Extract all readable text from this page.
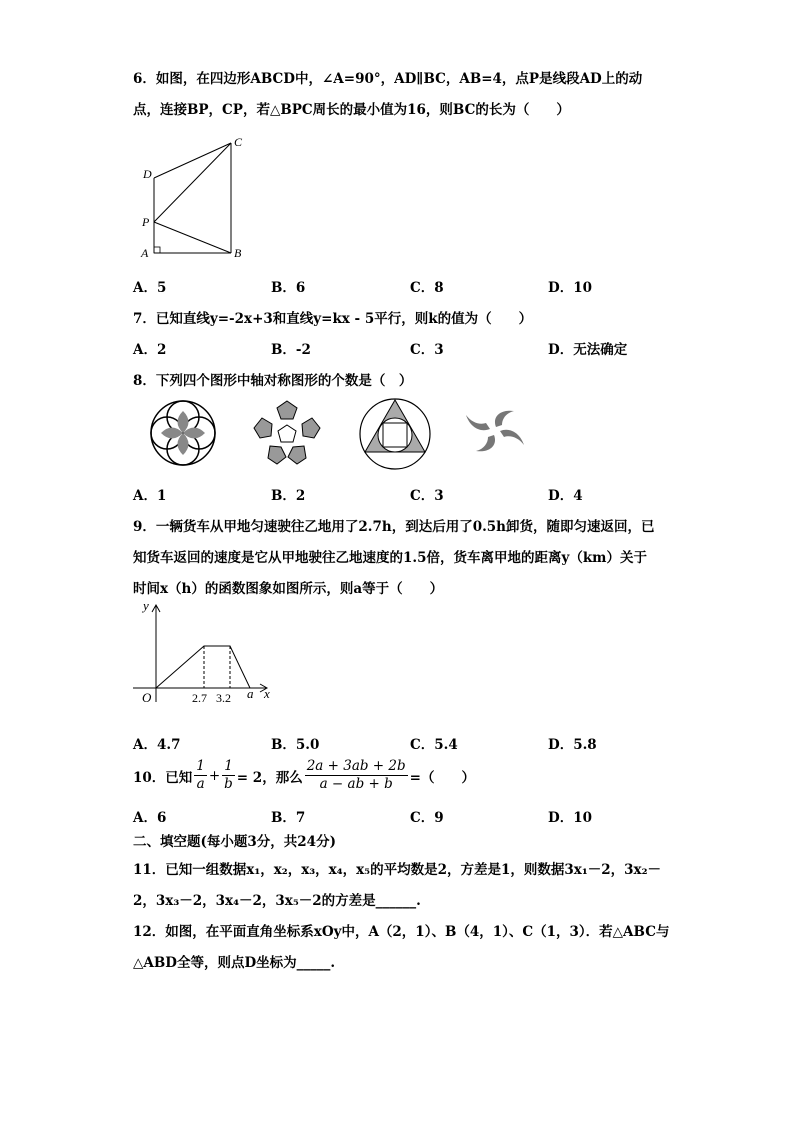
6．如图，在四边形ABCD中，∠A=90°，AD∥BC，AB=4，点P是线段AD上的动
点，连接BP，CP，若△BPC周长的最小值为16，则BC的长为（　　）
C
D
P
A	B
A．5	B．6	C．8	D．10
7．已知直线y=-2x+3和直线y=kx - 5平行，则k的值为（　　）
A．2	B．-2	C．3	D．无法确定
8．下列四个图形中轴对称图形的个数是（　）
A．1	B．2	C．3	D．4
9．一辆货车从甲地匀速驶往乙地用了2.7h，到达后用了0.5h卸货，随即匀速返回，已
知货车返回的速度是它从甲地驶往乙地速度的1.5倍，货车离甲地的距离y（km）关于
时间x（h）的函数图象如图所示，则a等于（　　）
y
x
O	2.7 3.2 a
A．4.7	B．5.0	C．5.4	D．5.8
10．已知 $\frac{1}{a} + \frac{1}{b} = 2$，那么 $\frac{2a + 3ab + 2b}{a - ab + b}$ =（　　）
A．6	B．7	C．9	D．10
二、填空题(每小题3分，共24分)
11．已知一组数据x₁，x₂，x₃，x₄，x₅的平均数是2，方差是1，则数据3x₁－2，3x₂－
2，3x₃－2，3x₄－2，3x₅－2的方差是______.
12．如图，在平面直角坐标系xOy中，A（2，1）、B（4，1）、C（1，3）．若△ABC与
△ABD全等，则点D坐标为_____.
